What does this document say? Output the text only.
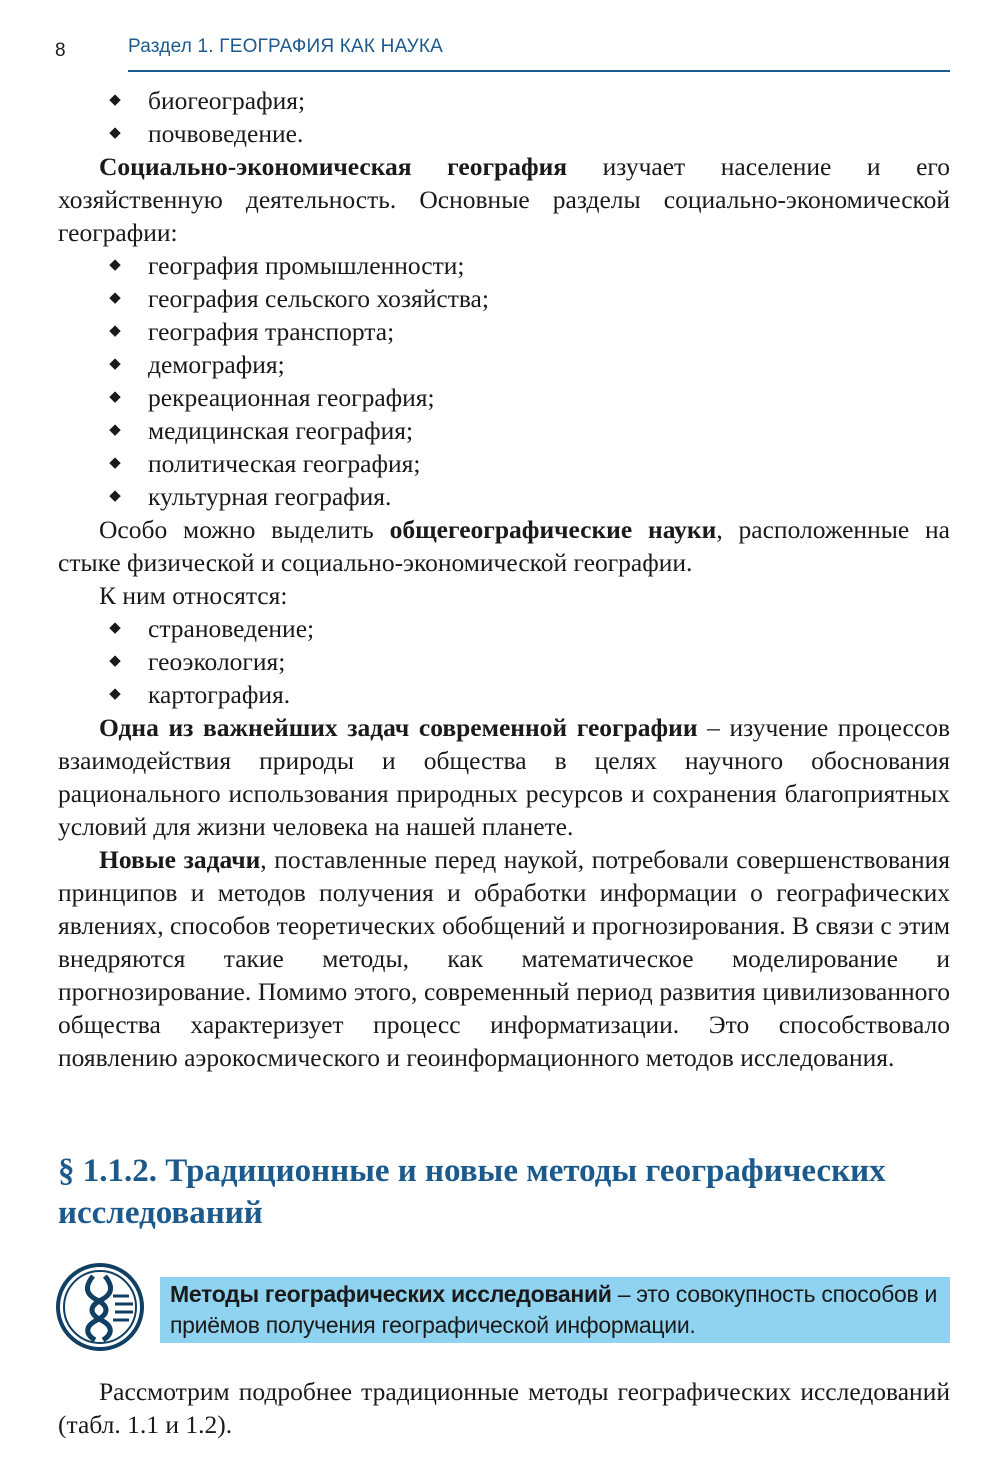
8	Раздел 1. ГЕОГРАФИЯ КАК НАУКА
◆ биогеография;
◆ почвоведение.

Социально-экономическая география изучает население и его хозяйственную деятельность. Основные разделы социально-экономической географии:

◆ география промышленности;
◆ география сельского хозяйства;
◆ география транспорта;
◆ демография;
◆ рекреационная география;
◆ медицинская география;
◆ политическая география;
◆ культурная география.

Особо можно выделить общегеографические науки, расположенные на стыке физической и социально-экономической географии.

К ним относятся:

◆ страноведение;
◆ геоэкология;
◆ картография.

Одна из важнейших задач современной географии – изучение процессов взаимодействия природы и общества в целях научного обоснования рационального использования природных ресурсов и сохранения благоприятных условий для жизни человека на нашей планете.

Новые задачи, поставленные перед наукой, потребовали совершенствования принципов и методов получения и обработки информации о географических явлениях, способов теоретических обобщений и прогнозирования. В связи с этим внедряются такие методы, как математическое моделирование и прогнозирование. Помимо этого, современный период развития цивилизованного общества характеризует процесс информатизации. Это способствовало появлению аэрокосмического и геоинформационного методов исследования.

§ 1.1.2. Традиционные и новые методы географических исследований
Методы географических исследований – это совокупность способов и приёмов получения географической информации.
Рассмотрим подробнее традиционные методы географических исследований (табл. 1.1 и 1.2).
